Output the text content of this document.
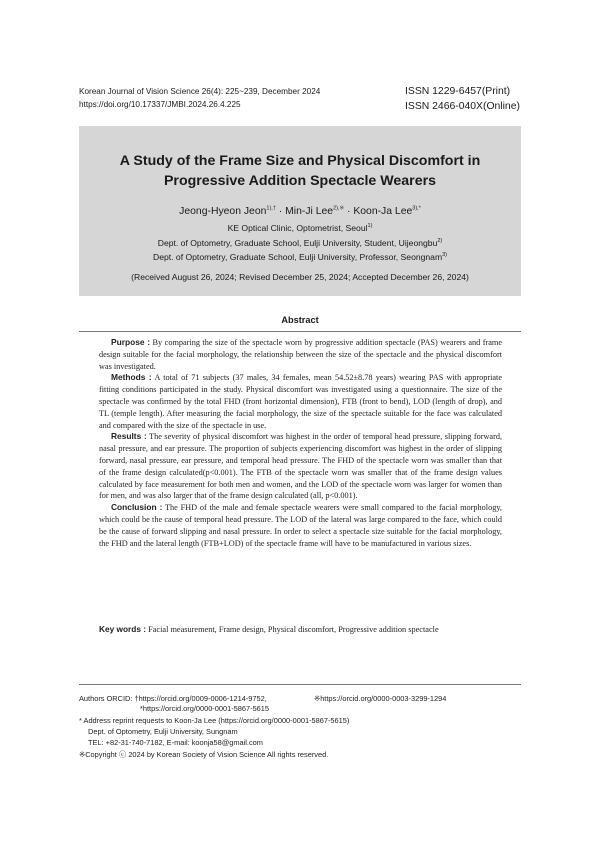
Korean Journal of Vision Science 26(4): 225~239, December 2024
https://doi.org/10.17337/JMBI.2024.26.4.225
ISSN 1229-6457(Print)
ISSN 2466-040X(Online)
A Study of the Frame Size and Physical Discomfort in
Progressive Addition Spectacle Wearers
Jeong-Hyeon Jeon$^{1),\dagger}$ · Min-Ji Lee$^{2),※}$ · Koon-Ja Lee$^{3),*}$
KE Optical Clinic, Optometrist, Seoul$^{1)}$
Dept. of Optometry, Graduate School, Eulji University, Student, Uijeongbu$^{2)}$
Dept. of Optometry, Graduate School, Eulji University, Professor, Seongnam$^{3)}$
(Received August 26, 2024; Revised December 25, 2024; Accepted December 26, 2024)
Abstract

Purpose : By comparing the size of the spectacle worn by progressive addition spectacle (PAS) wearers and frame design suitable for the facial morphology, the relationship between the size of the spectacle and the physical discomfort was investigated.

Methods : A total of 71 subjects (37 males, 34 females, mean 54.52±8.78 years) wearing PAS with appropriate fitting conditions participated in the study. Physical discomfort was investigated using a questionnaire. The size of the spectacle was confirmed by the total FHD (front horizontal dimension), FTB (front to bend), LOD (length of drop), and TL (temple length). After measuring the facial morphology, the size of the spectacle suitable for the face was calculated and compared with the size of the spectacle in use.

Results : The severity of physical discomfort was highest in the order of temporal head pressure, slipping forward, nasal pressure, and ear pressure. The proportion of subjects experiencing discomfort was highest in the order of slipping forward, nasal pressure, ear pressure, and temporal head pressure. The FHD of the spectacle worn was smaller than that of the frame design calculated(p<0.001). The FTB of the spectacle worn was smaller that of the frame design values calculated by face measurement for both men and women, and the LOD of the spectacle worn was larger for women than for men, and was also larger that of the frame design calculated (all, p<0.001).

Conclusion : The FHD of the male and female spectacle wearers were small compared to the facial morphology, which could be the cause of temporal head pressure. The LOD of the lateral was large compared to the face, which could be the cause of forward slipping and nasal pressure. In order to select a spectacle size suitable for the facial morphology, the FHD and the lateral length (FTB+LOD) of the spectacle frame will have to be manufactured in various sizes.

Key words : Facial measurement, Frame design, Physical discomfort, Progressive addition spectacle
Authors ORCID: †https://orcid.org/0009-0006-1214-9752,	※https://orcid.org/0000-0003-3299-1294
*https://orcid.org/0000-0001-5867-5615
* Address reprint requests to Koon-Ja Lee (https://orcid.org/0000-0001-5867-5615)
Dept. of Optometry, Eulji University, Sungnam
TEL: +82-31-740-7182, E-mail: koonja58@gmail.com
※Copyright ⓒ 2024 by Korean Society of Vision Science All rights reserved.
